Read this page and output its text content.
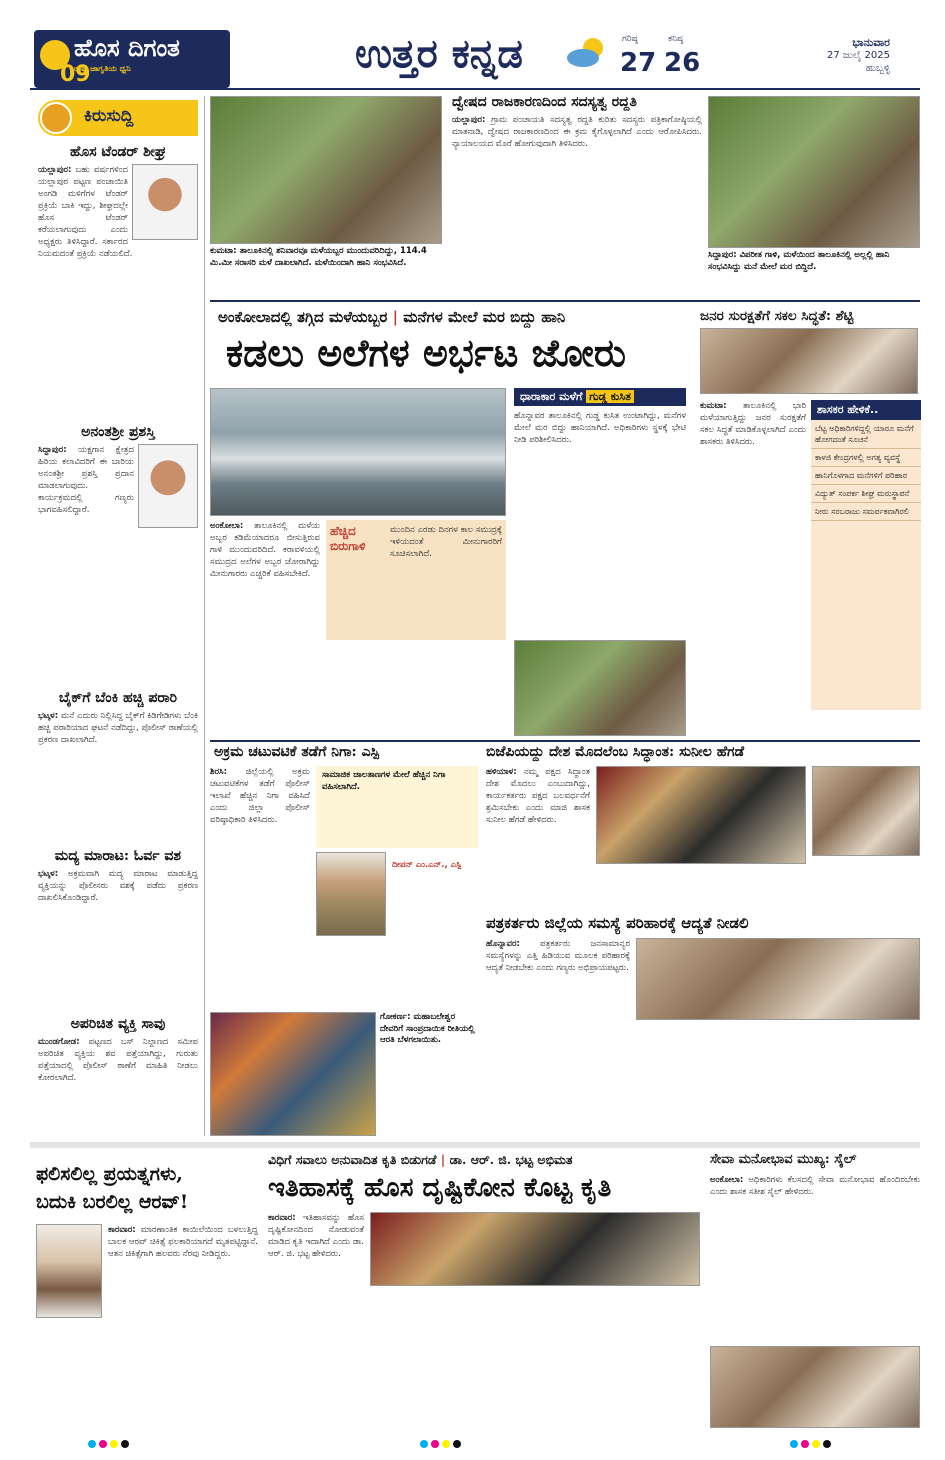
ಹೊಸ ದಿಗಂತ
ರಾಷ್ಟ್ರ ಜಾಗೃತಿಯ ಧ್ವನಿ
09	ಉತ್ತರ ಕನ್ನಡ	ಗರಿಷ್ಠ
27
ಕನಿಷ್ಠ
26
ಭಾನುವಾರ
27 ಜುಲೈ 2025
ಹುಬ್ಬಳ್ಳಿ
ಕಿರುಸುದ್ದಿ
ಹೊಸ ಟೆಂಡರ್ ಶೀಘ್ರ
ಯಲ್ಲಾಪುರ: ಬಹು ವರ್ಷಗಳಿಂದ ಯಲ್ಲಾಪುರ ಪಟ್ಟಣ ಪಂಚಾಯಿತಿ ಅಂಗಡಿ ಮಳಿಗೆಗಳ ಟೆಂಡರ್ ಪ್ರಕ್ರಿಯೆ ಬಾಕಿ ಇದ್ದು, ಶೀಘ್ರದಲ್ಲೇ ಹೊಸ ಟೆಂಡರ್ ಕರೆಯಲಾಗುವುದು ಎಂದು ಅಧ್ಯಕ್ಷರು ತಿಳಿಸಿದ್ದಾರೆ. ಸರ್ಕಾರದ ನಿಯಮದಂತೆ ಪ್ರಕ್ರಿಯೆ ನಡೆಯಲಿದೆ.
ಅನಂತಶ್ರೀ ಪ್ರಶಸ್ತಿ
ಸಿದ್ದಾಪುರ: ಯಕ್ಷಗಾನ ಕ್ಷೇತ್ರದ ಹಿರಿಯ ಕಲಾವಿದರಿಗೆ ಈ ಬಾರಿಯ ಅನಂತಶ್ರೀ ಪ್ರಶಸ್ತಿ ಪ್ರದಾನ ಮಾಡಲಾಗುವುದು. ಕಾರ್ಯಕ್ರಮದಲ್ಲಿ ಗಣ್ಯರು ಭಾಗವಹಿಸಲಿದ್ದಾರೆ.
ಬೈಕ್‌ಗೆ ಬೆಂಕಿ ಹಚ್ಚಿ ಪರಾರಿ
ಭಟ್ಕಳ: ಮನೆ ಎದುರು ನಿಲ್ಲಿಸಿದ್ದ ಬೈಕ್‌ಗೆ ಕಿಡಿಗೇಡಿಗಳು ಬೆಂಕಿ ಹಚ್ಚಿ ಪರಾರಿಯಾದ ಘಟನೆ ನಡೆದಿದ್ದು, ಪೊಲೀಸ್ ಠಾಣೆಯಲ್ಲಿ ಪ್ರಕರಣ ದಾಖಲಾಗಿದೆ.
ಮದ್ಯ ಮಾರಾಟ: ಓರ್ವ ವಶ
ಭಟ್ಕಳ: ಅಕ್ರಮವಾಗಿ ಮದ್ಯ ಮಾರಾಟ ಮಾಡುತ್ತಿದ್ದ ವ್ಯಕ್ತಿಯನ್ನು ಪೊಲೀಸರು ವಶಕ್ಕೆ ಪಡೆದು ಪ್ರಕರಣ ದಾಖಲಿಸಿಕೊಂಡಿದ್ದಾರೆ.
ಅಪರಿಚಿತ ವ್ಯಕ್ತಿ ಸಾವು
ಮುಂಡಗೋಡ: ಪಟ್ಟಣದ ಬಸ್ ನಿಲ್ದಾಣದ ಸಮೀಪ ಅಪರಿಚಿತ ವ್ಯಕ್ತಿಯ ಶವ ಪತ್ತೆಯಾಗಿದ್ದು, ಗುರುತು ಪತ್ತೆಯಾದಲ್ಲಿ ಪೊಲೀಸ್ ಠಾಣೆಗೆ ಮಾಹಿತಿ ನೀಡಲು ಕೋರಲಾಗಿದೆ.
ಕುಮಟಾ: ತಾಲೂಕಿನಲ್ಲಿ ಶನಿವಾರವೂ ಮಳೆಯಬ್ಬರ ಮುಂದುವರಿದಿದ್ದು, 114.4 ಮಿ.ಮೀ ಸರಾಸರಿ ಮಳೆ ದಾಖಲಾಗಿದೆ. ಮಳೆಯಿಂದಾಗಿ ಹಾನಿ ಸಂಭವಿಸಿದೆ.
ದ್ವೇಷದ ರಾಜಕಾರಣದಿಂದ ಸದಸ್ಯತ್ವ ರದ್ದತಿ
ಯಲ್ಲಾಪುರ: ಗ್ರಾಮ ಪಂಚಾಯತಿ ಸದಸ್ಯತ್ವ ರದ್ದತಿ ಕುರಿತು ಸದಸ್ಯರು ಪತ್ರಿಕಾಗೋಷ್ಠಿಯಲ್ಲಿ ಮಾತನಾಡಿ, ದ್ವೇಷದ ರಾಜಕಾರಣದಿಂದ ಈ ಕ್ರಮ ಕೈಗೊಳ್ಳಲಾಗಿದೆ ಎಂದು ಆರೋಪಿಸಿದರು. ನ್ಯಾಯಾಲಯದ ಮೊರೆ ಹೋಗುವುದಾಗಿ ತಿಳಿಸಿದರು.
ಸಿದ್ದಾಪುರ: ವಿಪರೀತ ಗಾಳಿ, ಮಳೆಯಿಂದ ತಾಲೂಕಿನಲ್ಲಿ ಅಲ್ಲಲ್ಲಿ ಹಾನಿ ಸಂಭವಿಸಿದ್ದು ಮನೆ ಮೇಲೆ ಮರ ಬಿದ್ದಿದೆ.
ಅಂಕೋಲಾದಲ್ಲಿ ತಗ್ಗಿದ ಮಳೆಯಬ್ಬರ | ಮನೆಗಳ ಮೇಲೆ ಮರ ಬಿದ್ದು ಹಾನಿ
ಕಡಲು ಅಲೆಗಳ ಅರ್ಭಟ ಜೋರು
ಧಾರಾಕಾರ ಮಳೆಗೆ ಗುಡ್ಡ ಕುಸಿತ
ಹೊನ್ನಾವರ ತಾಲೂಕಿನಲ್ಲಿ ಗುಡ್ಡ ಕುಸಿತ ಉಂಟಾಗಿದ್ದು, ಮನೆಗಳ ಮೇಲೆ ಮರ ಬಿದ್ದು ಹಾನಿಯಾಗಿದೆ. ಅಧಿಕಾರಿಗಳು ಸ್ಥಳಕ್ಕೆ ಭೇಟಿ ನೀಡಿ ಪರಿಶೀಲಿಸಿದರು.
ಅಂಕೋಲಾ: ತಾಲೂಕಿನಲ್ಲಿ ಮಳೆಯ ಅಬ್ಬರ ಕಡಿಮೆಯಾದರೂ ಬೀಸುತ್ತಿರುವ ಗಾಳಿ ಮುಂದುವರಿದಿದೆ. ಕರಾವಳಿಯಲ್ಲಿ ಸಮುದ್ರದ ಅಲೆಗಳ ಅಬ್ಬರ ಜೋರಾಗಿದ್ದು ಮೀನುಗಾರರು ಎಚ್ಚರಿಕೆ ವಹಿಸಬೇಕಿದೆ.
ಹೆಚ್ಚಿದ ಬಿರುಗಾಳಿ
ಮುಂದಿನ ಎರಡು ದಿನಗಳ ಕಾಲ ಸಮುದ್ರಕ್ಕೆ ಇಳಿಯದಂತೆ ಮೀನುಗಾರರಿಗೆ ಸೂಚಿಸಲಾಗಿದೆ.
ಜನರ ಸುರಕ್ಷತೆಗೆ ಸಕಲ ಸಿದ್ಧತೆ: ಶೆಟ್ಟಿ
ಕುಮಟಾ: ತಾಲೂಕಿನಲ್ಲಿ ಭಾರಿ ಮಳೆಯಾಗುತ್ತಿದ್ದು ಜನರ ಸುರಕ್ಷತೆಗೆ ಸಕಲ ಸಿದ್ಧತೆ ಮಾಡಿಕೊಳ್ಳಲಾಗಿದೆ ಎಂದು ಶಾಸಕರು ತಿಳಿಸಿದರು.
ಶಾಸಕರ ಹೇಳಿಕೆ..
ಬೆಟ್ಟ ಅಧಿಕಾರಿಗಳಿದ್ದಲ್ಲಿ ಯಾರೂ ಮನೆಗೆ ಹೋಗದಂತೆ ಸೂಚನೆ
ಕಾಳಜಿ ಕೇಂದ್ರಗಳಲ್ಲಿ ಅಗತ್ಯ ವ್ಯವಸ್ಥೆ
ಹಾನಿಗೊಳಗಾದ ಮನೆಗಳಿಗೆ ಪರಿಹಾರ
ವಿದ್ಯುತ್ ಸಂಪರ್ಕ ಶೀಘ್ರ ಮರುಸ್ಥಾಪನೆ
ನೀರು ಸರಬರಾಜು ಸಮರ್ಪಕವಾಗಿರಲಿ
ಅಕ್ರಮ ಚಟುವಟಿಕೆ ತಡೆಗೆ ನಿಗಾ: ಎಸ್ಪಿ
ಶಿರಸಿ: ಜಿಲ್ಲೆಯಲ್ಲಿ ಅಕ್ರಮ ಚಟುವಟಿಕೆಗಳ ತಡೆಗೆ ಪೊಲೀಸ್ ಇಲಾಖೆ ಹೆಚ್ಚಿನ ನಿಗಾ ವಹಿಸಿದೆ ಎಂದು ಜಿಲ್ಲಾ ಪೊಲೀಸ್ ವರಿಷ್ಠಾಧಿಕಾರಿ ತಿಳಿಸಿದರು.
ಸಾಮಾಜಿಕ ಜಾಲತಾಣಗಳ ಮೇಲೆ ಹೆಚ್ಚಿನ ನಿಗಾ ವಹಿಸಲಾಗಿದೆ.
ದೀಪನ್ ಎಂ.ಎನ್., ಎಸ್ಪಿ
ಗೋಕರ್ಣ: ಮಹಾಬಲೇಶ್ವರ ದೇವರಿಗೆ ಸಾಂಪ್ರದಾಯಿಕ ರೀತಿಯಲ್ಲಿ ಆರತಿ ಬೆಳಗಲಾಯಿತು.
ಬಿಜೆಪಿಯದ್ದು ದೇಶ ಮೊದಲೆಂಬ ಸಿದ್ಧಾಂತ: ಸುನೀಲ ಹೆಗಡೆ
ಹಳಿಯಾಳ: ನಮ್ಮ ಪಕ್ಷದ ಸಿದ್ಧಾಂತ ದೇಶ ಮೊದಲು ಎಂಬುದಾಗಿದ್ದು, ಕಾರ್ಯಕರ್ತರು ಪಕ್ಷದ ಬಲವರ್ಧನೆಗೆ ಶ್ರಮಿಸಬೇಕು ಎಂದು ಮಾಜಿ ಶಾಸಕ ಸುನೀಲ ಹೆಗಡೆ ಹೇಳಿದರು.
ಪತ್ರಕರ್ತರು ಜಿಲ್ಲೆಯ ಸಮಸ್ಯೆ ಪರಿಹಾರಕ್ಕೆ ಆದ್ಯತೆ ನೀಡಲಿ
ಹೊನ್ನಾವರ: ಪತ್ರಕರ್ತರು ಜನಸಾಮಾನ್ಯರ ಸಮಸ್ಯೆಗಳನ್ನು ಎತ್ತಿ ಹಿಡಿಯುವ ಮೂಲಕ ಪರಿಹಾರಕ್ಕೆ ಆದ್ಯತೆ ನೀಡಬೇಕು ಎಂದು ಗಣ್ಯರು ಅಭಿಪ್ರಾಯಪಟ್ಟರು.
ಫಲಿಸಲಿಲ್ಲ ಪ್ರಯತ್ನಗಳು,
ಬದುಕಿ ಬರಲಿಲ್ಲ ಆರವ್!
ಕಾರವಾರ: ಮಾರಣಾಂತಿಕ ಕಾಯಿಲೆಯಿಂದ ಬಳಲುತ್ತಿದ್ದ ಬಾಲಕ ಆರವ್ ಚಿಕಿತ್ಸೆ ಫಲಕಾರಿಯಾಗದೆ ಮೃತಪಟ್ಟಿದ್ದಾನೆ. ಆತನ ಚಿಕಿತ್ಸೆಗಾಗಿ ಹಲವರು ನೆರವು ನೀಡಿದ್ದರು.
ವಿಧಿಗೆ ಸವಾಲು ಅನುವಾದಿತ ಕೃತಿ ಬಿಡುಗಡೆ | ಡಾ. ಆರ್. ಜಿ. ಭಟ್ಟ ಅಭಿಮತ
ಇತಿಹಾಸಕ್ಕೆ ಹೊಸ ದೃಷ್ಟಿಕೋನ ಕೊಟ್ಟ ಕೃತಿ
ಕಾರವಾರ: ಇತಿಹಾಸವನ್ನು ಹೊಸ ದೃಷ್ಟಿಕೋನದಿಂದ ನೋಡುವಂತೆ ಮಾಡಿದ ಕೃತಿ ಇದಾಗಿದೆ ಎಂದು ಡಾ. ಆರ್. ಜಿ. ಭಟ್ಟ ಹೇಳಿದರು.
ಸೇವಾ ಮನೋಭಾವ ಮುಖ್ಯ: ಸೈಲ್
ಅಂಕೋಲಾ: ಅಧಿಕಾರಿಗಳು ಕೆಲಸದಲ್ಲಿ ಸೇವಾ ಮನೋಭಾವ ಹೊಂದಿರಬೇಕು ಎಂದು ಶಾಸಕ ಸತೀಶ ಸೈಲ್ ಹೇಳಿದರು.
